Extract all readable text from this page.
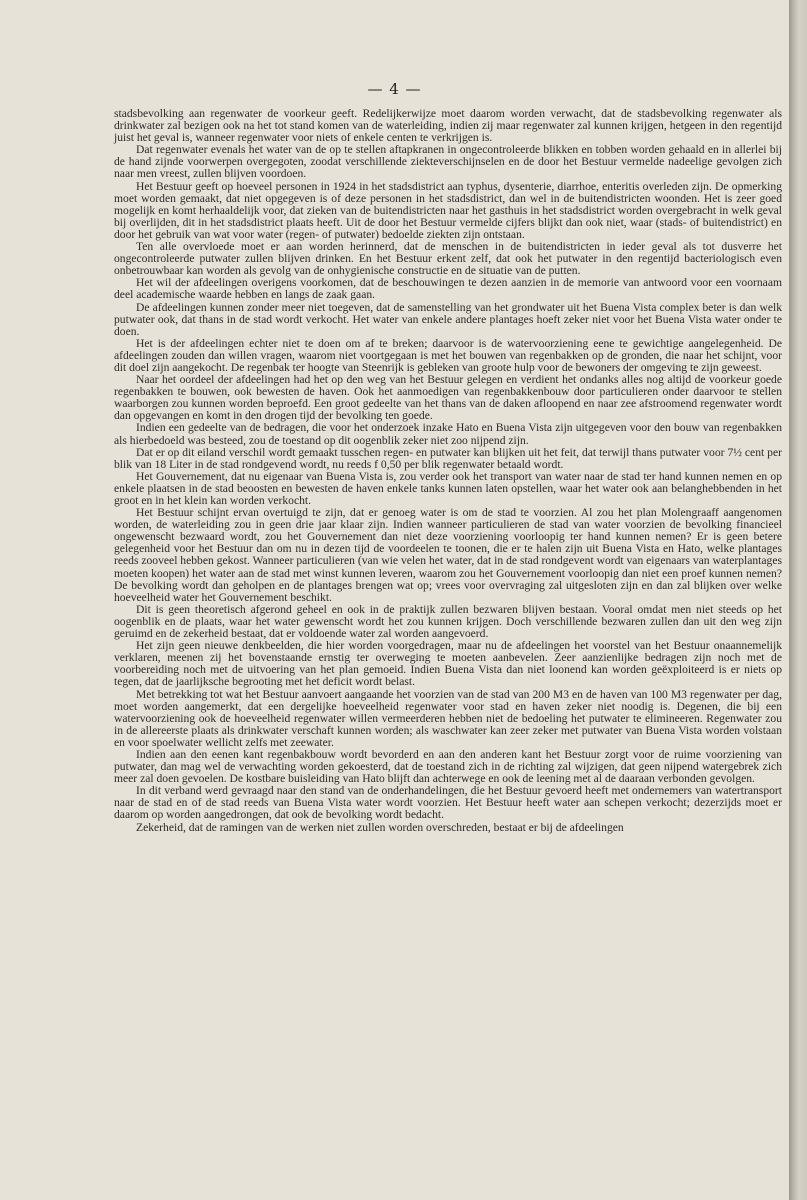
— 4 —

stadsbevolking aan regenwater de voorkeur geeft. Redelijkerwijze moet daarom worden verwacht, dat de stadsbevolking regenwater als drinkwater zal bezigen ook na het tot stand komen van de waterleiding, indien zij maar regenwater zal kunnen krijgen, hetgeen in den regentijd juist het geval is, wanneer regenwater voor niets of enkele centen te verkrijgen is.

Dat regenwater evenals het water van de op te stellen aftapkranen in ongecontroleerde blikken en tobben worden gehaald en in allerlei bij de hand zijnde voorwerpen overgegoten, zoodat verschillende ziekteverschijnselen en de door het Bestuur vermelde nadeelige gevolgen zich naar men vreest, zullen blijven voordoen.

Het Bestuur geeft op hoeveel personen in 1924 in het stadsdistrict aan typhus, dysenterie, diarrhoe, enteritis overleden zijn. De opmerking moet worden gemaakt, dat niet opgegeven is of deze personen in het stadsdistrict, dan wel in de buitendistricten woonden. Het is zeer goed mogelijk en komt herhaaldelijk voor, dat zieken van de buitendistricten naar het gasthuis in het stadsdistrict worden overgebracht in welk geval bij overlijden, dit in het stadsdistrict plaats heeft. Uit de door het Bestuur vermelde cijfers blijkt dan ook niet, waar (stads- of buitendistrict) en door het gebruik van wat voor water (regen- of putwater) bedoelde ziekten zijn ontstaan.

Ten alle overvloede moet er aan worden herinnerd, dat de menschen in de buitendistricten in ieder geval als tot dusverre het ongecontroleerde putwater zullen blijven drinken. En het Bestuur erkent zelf, dat ook het putwater in den regentijd bacteriologisch even onbetrouwbaar kan worden als gevolg van de onhygienische constructie en de situatie van de putten.

Het wil der afdeelingen overigens voorkomen, dat de beschouwingen te dezen aanzien in de memorie van antwoord voor een voornaam deel academische waarde hebben en langs de zaak gaan.

De afdeelingen kunnen zonder meer niet toegeven, dat de samenstelling van het grondwater uit het Buena Vista complex beter is dan welk putwater ook, dat thans in de stad wordt verkocht. Het water van enkele andere plantages hoeft zeker niet voor het Buena Vista water onder te doen.

Het is der afdeelingen echter niet te doen om af te breken; daarvoor is de watervoorziening eene te gewichtige aangelegenheid. De afdeelingen zouden dan willen vragen, waarom niet voortgegaan is met het bouwen van regenbakken op de gronden, die naar het schijnt, voor dit doel zijn aangekocht. De regenbak ter hoogte van Steenrijk is gebleken van groote hulp voor de bewoners der omgeving te zijn geweest.

Naar het oordeel der afdeelingen had het op den weg van het Bestuur gelegen en verdient het ondanks alles nog altijd de voorkeur goede regenbakken te bouwen, ook bewesten de haven. Ook het aanmoedigen van regenbakkenbouw door particulieren onder daarvoor te stellen waarborgen zou kunnen worden beproefd. Een groot gedeelte van het thans van de daken afloopend en naar zee afstroomend regenwater wordt dan opgevangen en komt in den drogen tijd der bevolking ten goede.

Indien een gedeelte van de bedragen, die voor het onderzoek inzake Hato en Buena Vista zijn uitgegeven voor den bouw van regenbakken als hierbedoeld was besteed, zou de toestand op dit oogenblik zeker niet zoo nijpend zijn.

Dat er op dit eiland verschil wordt gemaakt tusschen regen- en putwater kan blijken uit het feit, dat terwijl thans putwater voor 7½ cent per blik van 18 Liter in de stad rondgevend wordt, nu reeds f 0,50 per blik regenwater betaald wordt.

Het Gouvernement, dat nu eigenaar van Buena Vista is, zou verder ook het transport van water naar de stad ter hand kunnen nemen en op enkele plaatsen in de stad beoosten en bewesten de haven enkele tanks kunnen laten opstellen, waar het water ook aan belanghebbenden in het groot en in het klein kan worden verkocht.

Het Bestuur schijnt ervan overtuigd te zijn, dat er genoeg water is om de stad te voorzien. Al zou het plan Molengraaff aangenomen worden, de waterleiding zou in geen drie jaar klaar zijn. Indien wanneer particulieren de stad van water voorzien de bevolking financieel ongewenscht bezwaard wordt, zou het Gouvernement dan niet deze voorziening voorloopig ter hand kunnen nemen? Er is geen betere gelegenheid voor het Bestuur dan om nu in dezen tijd de voordeelen te toonen, die er te halen zijn uit Buena Vista en Hato, welke plantages reeds zooveel hebben gekost. Wanneer particulieren (van wie velen het water, dat in de stad rondgevent wordt van eigenaars van waterplantages moeten koopen) het water aan de stad met winst kunnen leveren, waarom zou het Gouvernement voorloopig dan niet een proef kunnen nemen? De bevolking wordt dan geholpen en de plantages brengen wat op; vrees voor overvraging zal uitgesloten zijn en dan zal blijken over welke hoeveelheid water het Gouvernement beschikt.

Dit is geen theoretisch afgerond geheel en ook in de praktijk zullen bezwaren blijven bestaan. Vooral omdat men niet steeds op het oogenblik en de plaats, waar het water gewenscht wordt het zou kunnen krijgen. Doch verschillende bezwaren zullen dan uit den weg zijn geruimd en de zekerheid bestaat, dat er voldoende water zal worden aangevoerd.

Het zijn geen nieuwe denkbeelden, die hier worden voorgedragen, maar nu de afdeelingen het voorstel van het Bestuur onaannemelijk verklaren, meenen zij het bovenstaande ernstig ter overweging te moeten aanbevelen. Zeer aanzienlijke bedragen zijn noch met de voorbereiding noch met de uitvoering van het plan gemoeid. Indien Buena Vista dan niet loonend kan worden geëxploiteerd is er niets op tegen, dat de jaarlijksche begrooting met het deficit wordt belast.

Met betrekking tot wat het Bestuur aanvoert aangaande het voorzien van de stad van 200 M3 en de haven van 100 M3 regenwater per dag, moet worden aangemerkt, dat een dergelijke hoeveelheid regenwater voor stad en haven zeker niet noodig is. Degenen, die bij een watervoorziening ook de hoeveelheid regenwater willen vermeerderen hebben niet de bedoeling het putwater te elimineeren. Regenwater zou in de allereerste plaats als drinkwater verschaft kunnen worden; als waschwater kan zeer zeker met putwater van Buena Vista worden volstaan en voor spoelwater wellicht zelfs met zeewater.

Indien aan den eenen kant regenbakbouw wordt bevorderd en aan den anderen kant het Bestuur zorgt voor de ruime voorziening van putwater, dan mag wel de verwachting worden gekoesterd, dat de toestand zich in de richting zal wijzigen, dat geen nijpend watergebrek zich meer zal doen gevoelen. De kostbare buisleiding van Hato blijft dan achterwege en ook de leening met al de daaraan verbonden gevolgen.

In dit verband werd gevraagd naar den stand van de onderhandelingen, die het Bestuur gevoerd heeft met ondernemers van watertransport naar de stad en of de stad reeds van Buena Vista water wordt voorzien. Het Bestuur heeft water aan schepen verkocht; dezerzijds moet er daarom op worden aangedrongen, dat ook de bevolking wordt bedacht.

Zekerheid, dat de ramingen van de werken niet zullen worden overschreden, bestaat er bij de afdeelingen
